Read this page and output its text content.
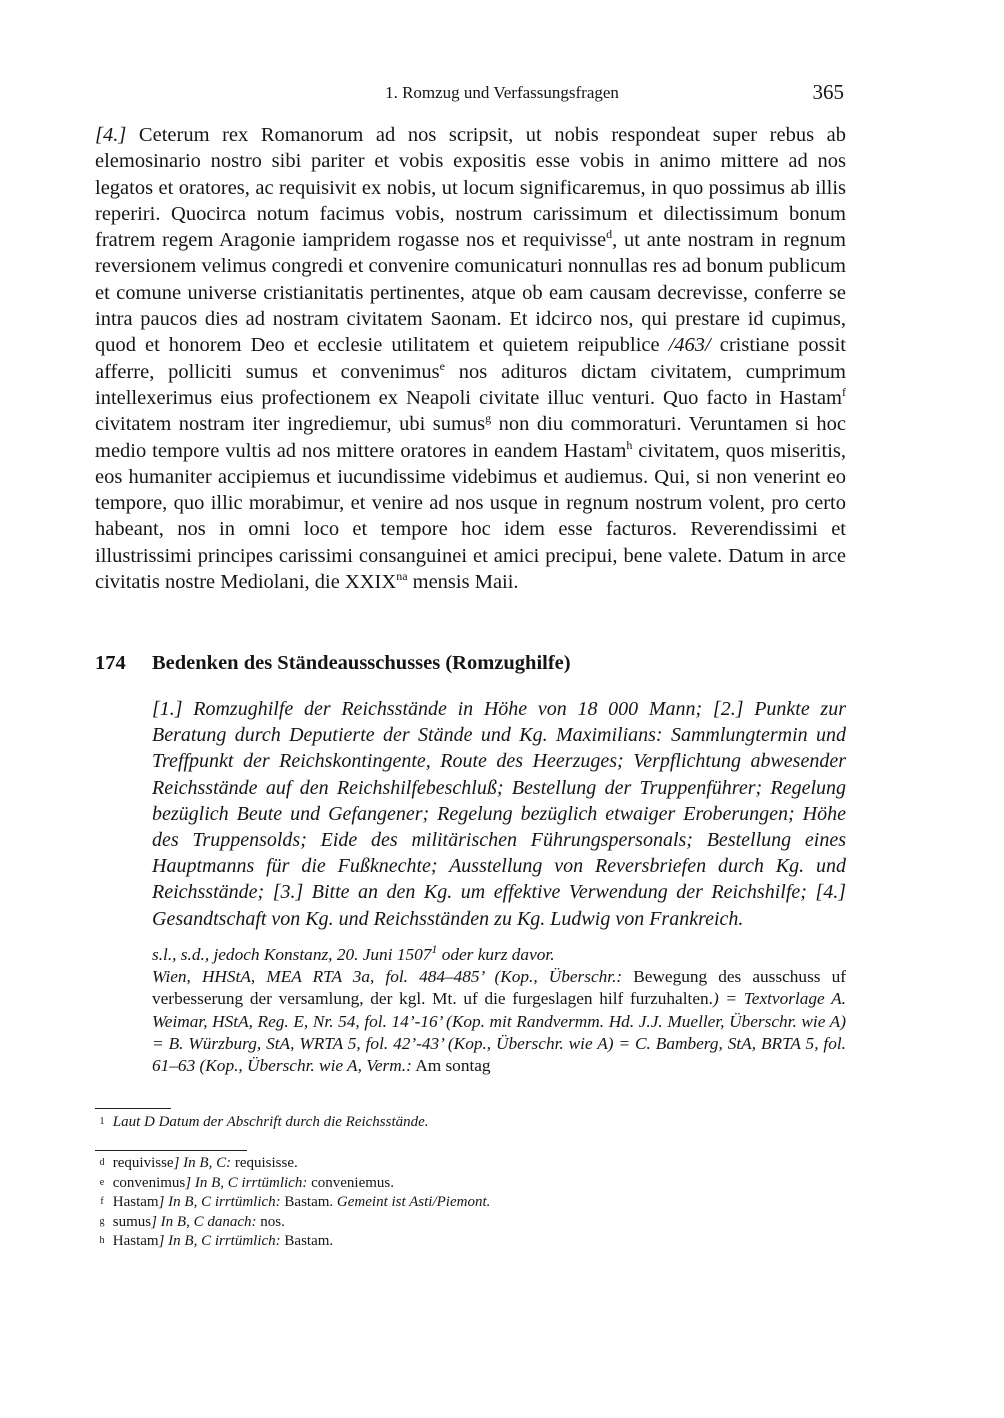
1. Romzug und Verfassungsfragen	365

[4.] Ceterum rex Romanorum ad nos scripsit, ut nobis respondeat super rebus ab elemosinario nostro sibi pariter et vobis expositis esse vobis in animo mittere ad nos legatos et oratores, ac requisivit ex nobis, ut locum significaremus, in quo possimus ab illis reperiri. Quocirca notum facimus vobis, nostrum carissimum et dilectissimum bonum fratrem regem Aragonie iampridem rogasse nos et requivisse$^d$, ut ante nostram in regnum reversionem velimus congredi et convenire comunicaturi nonnullas res ad bonum publicum et comune universe cristianitatis pertinentes, atque ob eam causam decrevisse, conferre se intra paucos dies ad nostram civitatem Saonam. Et idcirco nos, qui prestare id cupimus, quod et honorem Deo et ecclesie utilitatem et quietem reipublice /463/ cristiane possit afferre, polliciti sumus et convenimus$^e$ nos adituros dictam civitatem, cumprimum intellexerimus eius profectionem ex Neapoli civitate illuc venturi. Quo facto in Hastam$^f$ civitatem nostram iter ingrediemur, ubi sumus$^g$ non diu commoraturi. Veruntamen si hoc medio tempore vultis ad nos mittere oratores in eandem Hastam$^h$ civitatem, quos miseritis, eos humaniter accipiemus et iucundissime videbimus et audiemus. Qui, si non venerint eo tempore, quo illic morabimur, et venire ad nos usque in regnum nostrum volent, pro certo habeant, nos in omni loco et tempore hoc idem esse facturos. Reverendissimi et illustrissimi principes carissimi consanguinei et amici precipui, bene valete. Datum in arce civitatis nostre Mediolani, die $XXIX^{na}$ mensis Maii.

174 Bedenken des Ständeausschusses (Romzughilfe)

[1.] Romzughilfe der Reichsstände in Höhe von 18 000 Mann; [2.] Punkte zur Beratung durch Deputierte der Stände und Kg. Maximilians: Sammlungtermin und Treffpunkt der Reichskontingente, Route des Heerzuges; Verpflichtung abwesender Reichsstände auf den Reichshilfebeschluß; Bestellung der Truppenführer; Regelung bezüglich Beute und Gefangener; Regelung bezüglich etwaiger Eroberungen; Höhe des Truppensolds; Eide des militärischen Führungspersonals; Bestellung eines Hauptmanns für die Fußknechte; Ausstellung von Reversbriefen durch Kg. und Reichsstände; [3.] Bitte an den Kg. um effektive Verwendung der Reichshilfe; [4.] Gesandtschaft von Kg. und Reichsständen zu Kg. Ludwig von Frankreich.

s.l., s.d., jedoch Konstanz, 20. Juni 1507$^1$ oder kurz davor.
Wien, HHStA, MEA RTA 3a, fol. 484–485’ (Kop., Überschr.: Bewegung des ausschuss uf verbesserung der versamlung, der kgl. Mt. uf die furgeslagen hilf furzuhalten.) = Textvorlage A. Weimar, HStA, Reg. E, Nr. 54, fol. 14’-16’ (Kop. mit Randvermm. Hd. J.J. Mueller, Überschr. wie A) = B. Würzburg, StA, WRTA 5, fol. 42’-43’ (Kop., Überschr. wie A) = C. Bamberg, StA, BRTA 5, fol. 61–63 (Kop., Überschr. wie A, Verm.: Am sontag
1 Laut D Datum der Abschrift durch die Reichsstände.
d requivisse] In B, C: requisisse.
e convenimus] In B, C irrtümlich: conveniemus.
f Hastam] In B, C irrtümlich: Bastam. Gemeint ist Asti/Piemont.
g sumus] In B, C danach: nos.
h Hastam] In B, C irrtümlich: Bastam.
